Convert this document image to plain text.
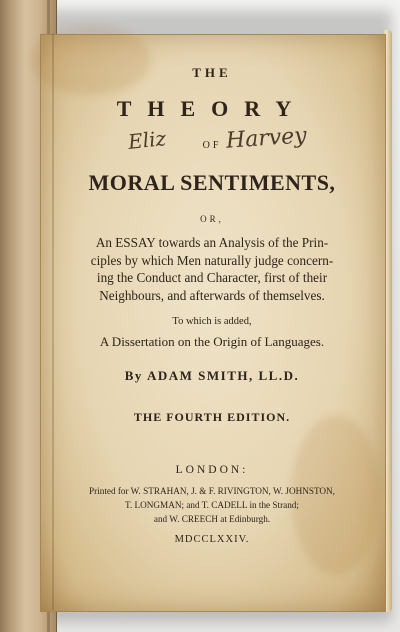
THE
THEORY
OF
Eliz	Harvey
MORAL SENTIMENTS,
OR,
An ESSAY towards an Analysis of the Prin-
ciples by which Men naturally judge concern-
ing the Conduct and Character, first of their
Neighbours, and afterwards of themselves.
To which is added,
A Dissertation on the Origin of Languages.
By ADAM SMITH, LL.D.
THE FOURTH EDITION.
LONDON:
Printed for W. STRAHAN, J. & F. RIVINGTON, W. JOHNSTON,
T. LONGMAN; and T. CADELL in the Strand;
and W. CREECH at Edinburgh.
MDCCLXXIV.
